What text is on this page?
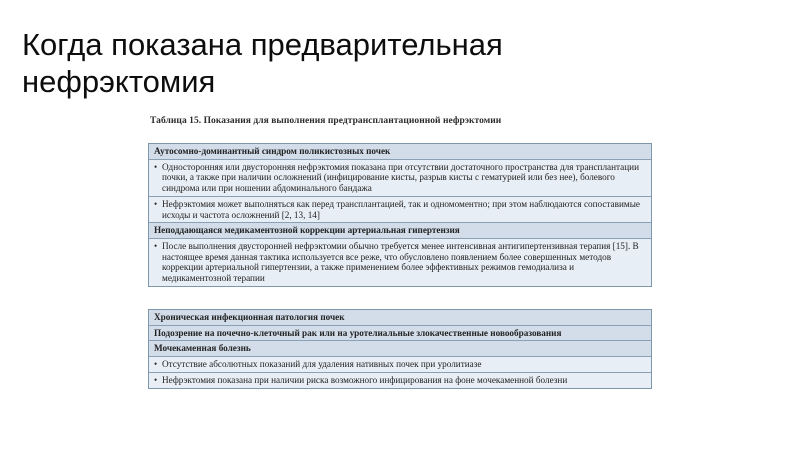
Когда показана предварительная
нефрэктомия
Таблица 15. Показания для выполнения предтрансплантационной нефрэктомии
Аутосомно-доминантный синдром поликистозных почек
• Односторонняя или двусторонняя нефрэктомия показана при отсутствии достаточного пространства для трансплантации почки, а также при наличии осложнений (инфицирование кисты, разрыв кисты с гематурией или без нее), болевого синдрома или при ношении абдоминального бандажа
• Нефрэктомия может выполняться как перед трансплантацией, так и одномоментно; при этом наблюдаются сопоставимые исходы и частота осложнений [2, 13, 14]
Неподдающаяся медикаментозной коррекции артериальная гипертензия
• После выполнения двусторонней нефрэктомии обычно требуется менее интенсивная антигипертензивная терапия [15]. В настоящее время данная тактика используется все реже, что обусловлено появлением более совершенных методов коррекции артериальной гипертензии, а также применением более эффективных режимов гемодиализа и медикаментозной терапии
Хроническая инфекционная патология почек
Подозрение на почечно-клеточный рак или на уротелиальные злокачественные новообразования
Мочекаменная болезнь
• Отсутствие абсолютных показаний для удаления нативных почек при уролитиазе
• Нефрэктомия показана при наличии риска возможного инфицирования на фоне мочекаменной болезни
